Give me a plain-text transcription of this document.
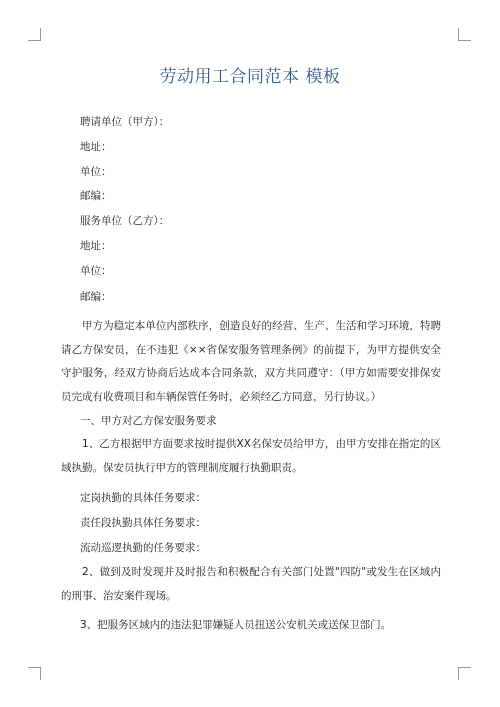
劳动用工合同范本 模板
聘请单位（甲方）：
地址：
单位：
邮编：
服务单位（乙方）：
地址：
单位：
邮编：
甲方为稳定本单位内部秩序，创造良好的经营、生产、生活和学习环境，特聘请乙方保安员，在不违犯《××省保安服务管理条例》的前提下，为甲方提供安全守护服务，经双方协商后达成本合同条款，双方共同遵守：（甲方如需要安排保安员完成有收费项目和车辆保管任务时，必须经乙方同意，另行协议。）
一、甲方对乙方保安服务要求
1、乙方根据甲方面要求按时提供XX名保安员给甲方，由甲方安排在指定的区域执勤。保安员执行甲方的管理制度履行执勤职责。
定岗执勤的具体任务要求：
责任段执勤具体任务要求：
流动巡逻执勤的任务要求：
2、做到及时发现并及时报告和积极配合有关部门处置"四防"或发生在区域内的刑事、治安案件现场。
3、把服务区域内的违法犯罪嫌疑人员扭送公安机关或送保卫部门。
